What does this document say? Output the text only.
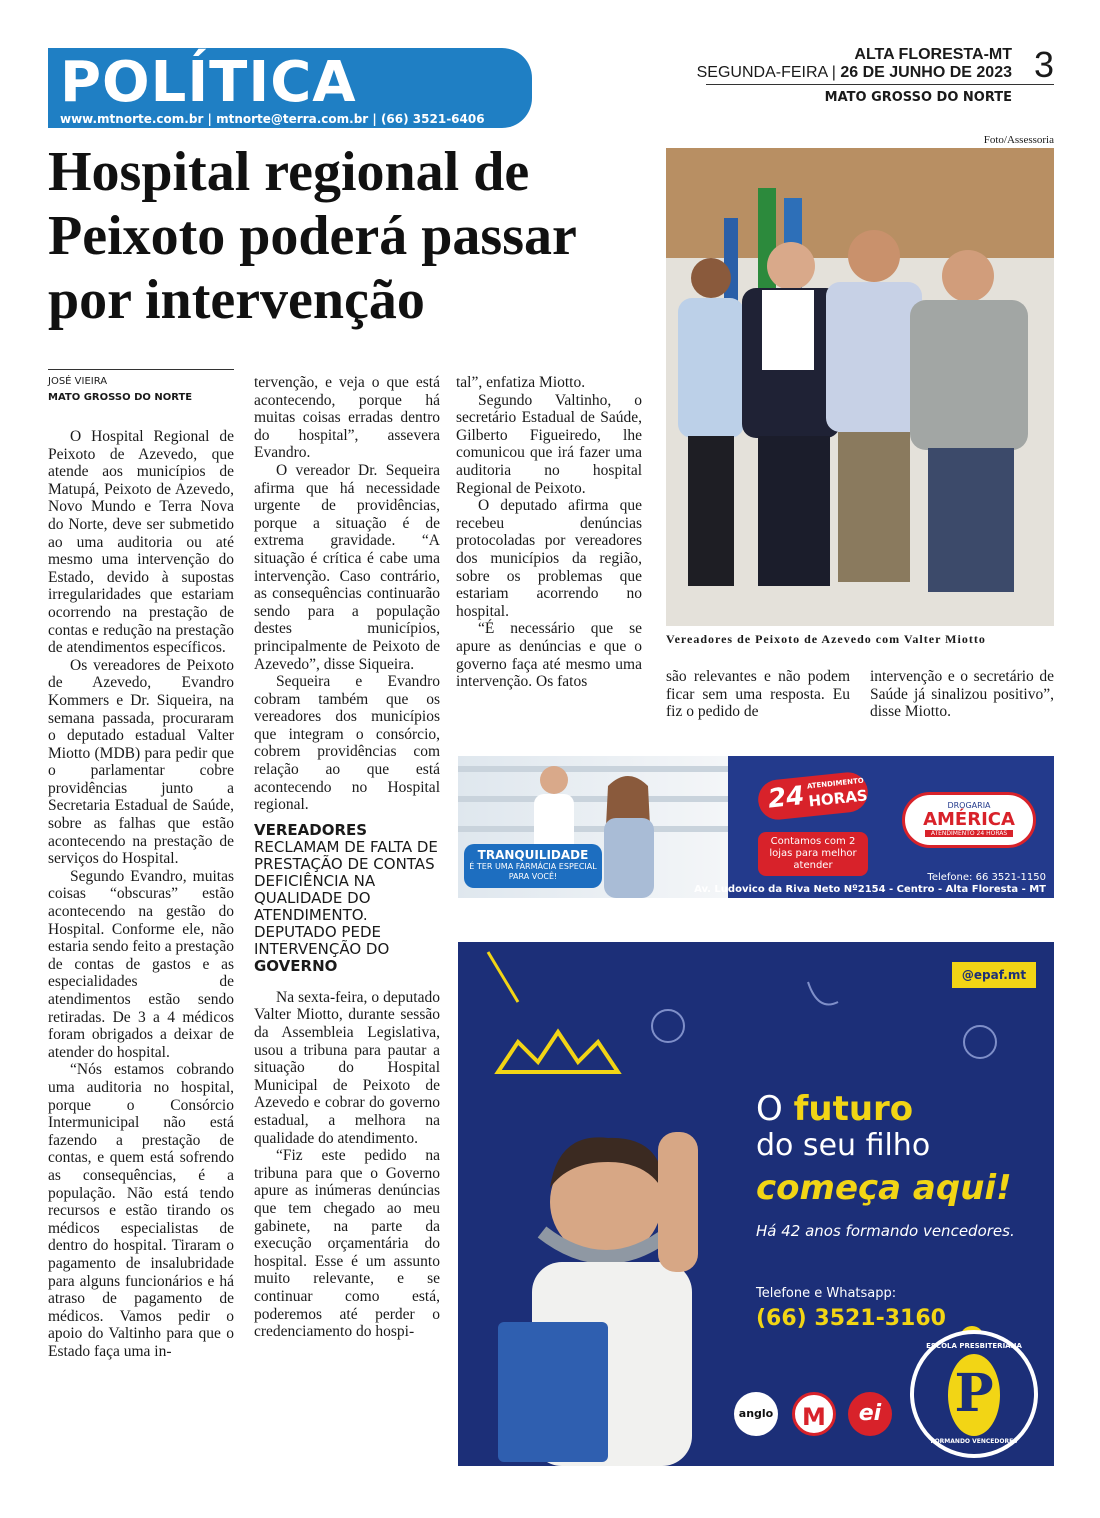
POLÍTICA
www.mtnorte.com.br | mtnorte@terra.com.br | (66) 3521-6406
ALTA FLORESTA-MT
SEGUNDA-FEIRA | 26 DE JUNHO DE 2023 3
MATO GROSSO DO NORTE
Hospital regional de Peixoto poderá passar por intervenção
Foto/Assessoria
Vereadores de Peixoto de Azevedo com Valter Miotto
JOSÉ VIEIRA
MATO GROSSO DO NORTE

O Hospital Regional de Peixoto de Azevedo, que atende aos municípios de Matupá, Peixoto de Azevedo, Novo Mundo e Terra Nova do Norte, deve ser submetido ao uma auditoria ou até mesmo uma intervenção do Estado, devido à supostas irregularidades que estariam ocorrendo na prestação de contas e redução na prestação de atendimentos específicos.

Os vereadores de Peixoto de Azevedo, Evandro Kommers e Dr. Siqueira, na semana passada, procuraram o deputado estadual Valter Miotto (MDB) para pedir que o parlamentar cobre providências junto a Secretaria Estadual de Saúde, sobre as falhas que estão acontecendo na prestação de serviços do Hospital.

Segundo Evandro, muitas coisas “obscuras” estão acontecendo na gestão do Hospital. Conforme ele, não estaria sendo feito a prestação de contas de gastos e as especialidades de atendimentos estão sendo retiradas. De 3 a 4 médicos foram obrigados a deixar de atender do hospital.

“Nós estamos cobrando uma auditoria no hospital, porque o Consórcio Intermunicipal não está fazendo a prestação de contas, e quem está sofrendo as consequências, é a população. Não está tendo recursos e estão tirando os médicos especialistas de dentro do hospital. Tiraram o pagamento de insalubridade para alguns funcionários e há atraso de pagamento de médicos. Vamos pedir o apoio do Valtinho para que o Estado faça uma in-

tervenção, e veja o que está acontecendo, porque há muitas coisas erradas dentro do hospital”, assevera Evandro.

O vereador Dr. Sequeira afirma que há necessidade urgente de providências, porque a situação é de extrema gravidade. “A situação é crítica é cabe uma intervenção. Caso contrário, as consequências continuarão sendo para a população destes municípios, principalmente de Peixoto de Azevedo”, disse Siqueira.

Sequeira e Evandro cobram também que os vereadores dos municípios que integram o consórcio, cobrem providências com relação ao que está acontecendo no Hospital regional.

VEREADORES
RECLAMAM DE FALTA DE PRESTAÇÃO DE CONTAS DEFICIÊNCIA NA QUALIDADE DO ATENDIMENTO. DEPUTADO PEDE INTERVENÇÃO DO GOVERNO

Na sexta-feira, o deputado Valter Miotto, durante sessão da Assembleia Legislativa, usou a tribuna para pautar a situação do Hospital Municipal de Peixoto de Azevedo e cobrar do governo estadual, a melhora na qualidade do atendimento.

“Fiz este pedido na tribuna para que o Governo apure as inúmeras denúncias que tem chegado ao meu gabinete, na parte da execução orçamentária do hospital. Esse é um assunto muito relevante, e se continuar como está, poderemos até perder o credenciamento do hospi-

tal”, enfatiza Miotto.

Segundo Valtinho, o secretário Estadual de Saúde, Gilberto Figueiredo, lhe comunicou que irá fazer uma auditoria no hospital Regional de Peixoto.

O deputado afirma que recebeu denúncias protocoladas por vereadores dos municípios da região, sobre os problemas que estariam acorrendo no hospital.

“É necessário que se apure as denúncias e que o governo faça até mesmo uma intervenção. Os fatos	são relevantes e não podem ficar sem uma resposta. Eu fiz o pedido de

intervenção e o secretário de Saúde já sinalizou positivo”, disse Miotto.

TRANQUILIDADE
É TER UMA FARMÁCIA ESPECIAL PARA VOCÊ!
24 ATENDIMENTO
HORAS
Contamos com 2 lojas para melhor atender
DROGARIA
AMÉRICA
ATENDIMENTO 24 HORAS
Telefone: 66 3521-1150
Av. Ludovico da Riva Neto Nº2154 - Centro - Alta Floresta - MT
@epaf.mt
O futuro
do seu filho
começa aqui!
Há 42 anos formando vencedores.
Telefone e Whatsapp:
(66) 3521-3160
ESCOLA PRESBITERIANA
P
FORMANDO VENCEDORES
anglo	M	ei
